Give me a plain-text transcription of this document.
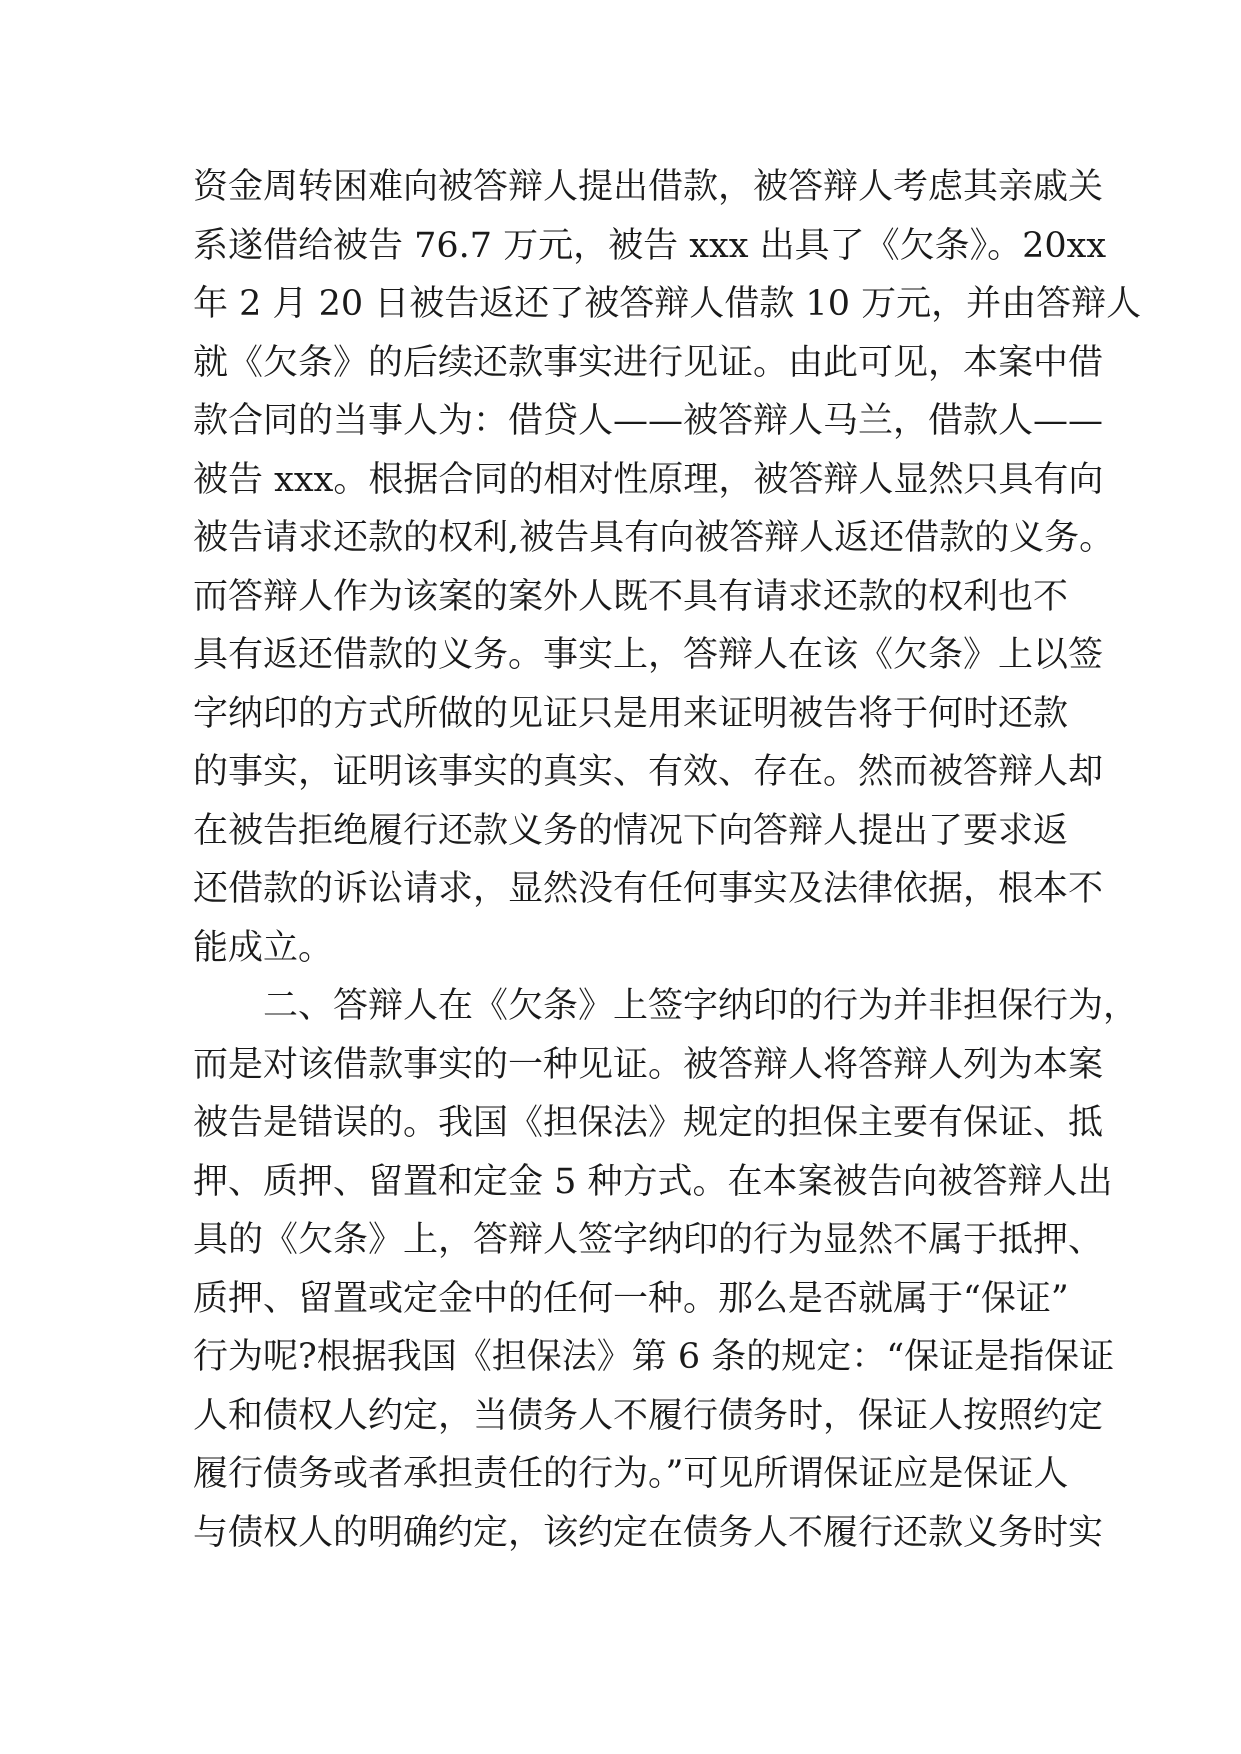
资金周转困难向被答辩人提出借款，被答辩人考虑其亲戚关
系遂借给被告 76.7 万元，被告 xxx 出具了《欠条》。20xx
年 2 月 20 日被告返还了被答辩人借款 10 万元，并由答辩人
就《欠条》的后续还款事实进行见证。由此可见，本案中借
款合同的当事人为：借贷人——被答辩人马兰，借款人——
被告 xxx。根据合同的相对性原理，被答辩人显然只具有向
被告请求还款的权利,被告具有向被答辩人返还借款的义务。
而答辩人作为该案的案外人既不具有请求还款的权利也不
具有返还借款的义务。事实上，答辩人在该《欠条》上以签
字纳印的方式所做的见证只是用来证明被告将于何时还款
的事实，证明该事实的真实、有效、存在。然而被答辩人却
在被告拒绝履行还款义务的情况下向答辩人提出了要求返
还借款的诉讼请求，显然没有任何事实及法律依据，根本不
能成立。
二、答辩人在《欠条》上签字纳印的行为并非担保行为，
而是对该借款事实的一种见证。被答辩人将答辩人列为本案
被告是错误的。我国《担保法》规定的担保主要有保证、抵
押、质押、留置和定金 5 种方式。在本案被告向被答辩人出
具的《欠条》上，答辩人签字纳印的行为显然不属于抵押、
质押、留置或定金中的任何一种。那么是否就属于“保证”
行为呢?根据我国《担保法》第 6 条的规定：“保证是指保证
人和债权人约定，当债务人不履行债务时，保证人按照约定
履行债务或者承担责任的行为。”可见所谓保证应是保证人
与债权人的明确约定，该约定在债务人不履行还款义务时实
